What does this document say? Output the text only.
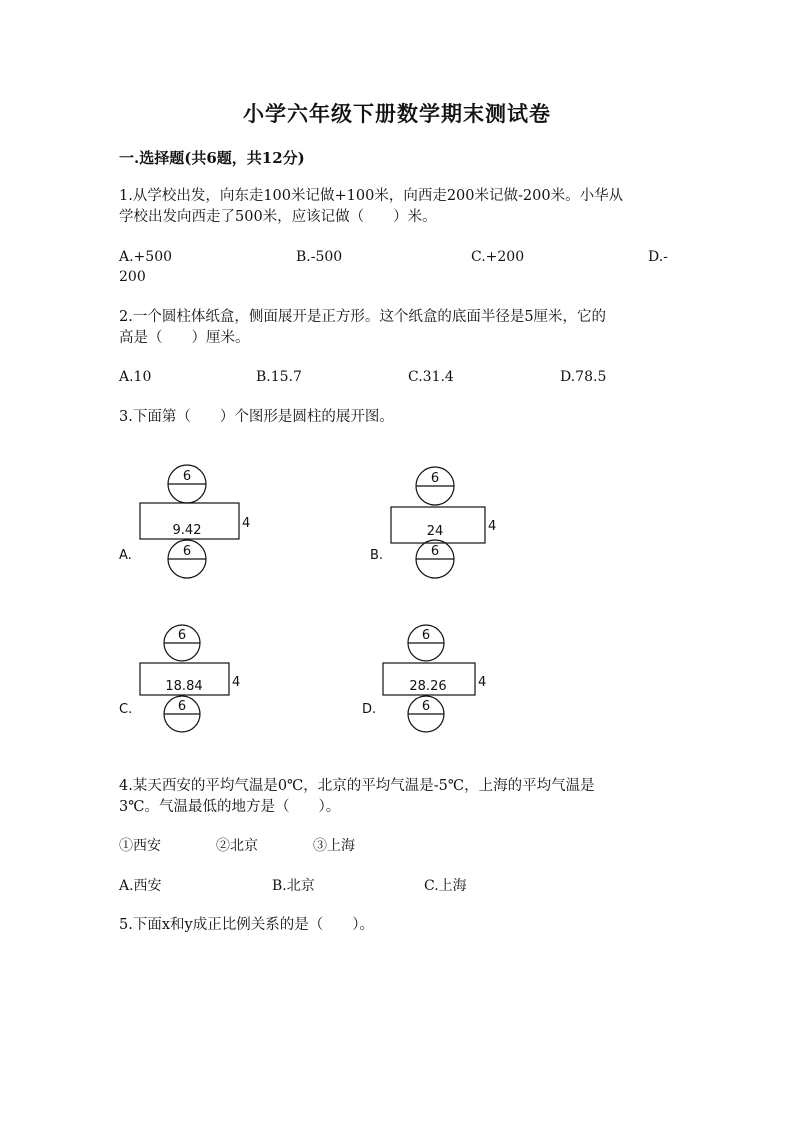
小学六年级下册数学期末测试卷
一.选择题(共6题，共12分)
1.从学校出发，向东走100米记做+100米，向西走200米记做-200米。小华从
学校出发向西走了500米，应该记做（　　）米。
A.+500	B.-500	C.+200	D.-
200
2.一个圆柱体纸盒，侧面展开是正方形。这个纸盒的底面半径是5厘米，它的
高是（　　）厘米。
A.10	B.15.7	C.31.4	D.78.5
3.下面第（　　）个图形是圆柱的展开图。
A.
6
9.42	4
6	B.
6
24	4
6
C.
6
18.84 4
6	D.
6
28.26 4
6
4.某天西安的平均气温是0℃，北京的平均气温是-5℃，上海的平均气温是
3℃。气温最低的地方是（　　）。
①西安	②北京	③上海
A.西安	B.北京	C.上海
5.下面x和y成正比例关系的是（　　）。
